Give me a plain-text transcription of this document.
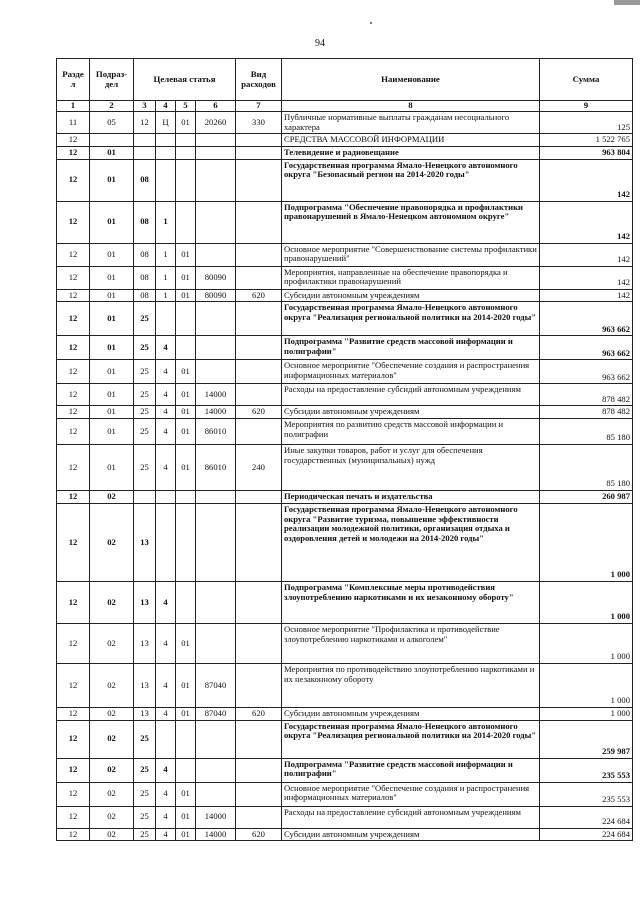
94
Разде л	Подраз- дел	Целевая статья				Вид расходов	Наименование	Сумма
1	2	3	4	5	6	7	8	9
11	05	12	Ц	01	20260	330	Публичные нормативные выплаты гражданам несоциального характера	125
12							СРЕДСТВА МАССОВОЙ ИНФОРМАЦИИ	1 522 765
12	01						Телевидение и радиовещание	963 804
12	01	08					Государственная программа Ямало-Ненецкого автономного округа "Безопасный регион на 2014-2020 годы"	142
12	01	08	1				Подпрограмма "Обеспечение правопорядка и профилактики правонарушений в Ямало-Ненецком автономном округе"	142
12	01	08	1	01			Основное мероприятие "Совершенствование системы профилактики правонарушений"	142
12	01	08	1	01	80090		Мероприятия, направленные на обеспечение правопорядка и профилактики правонарушений	142
12	01	08	1	01	80090	620	Субсидии автономным учреждениям	142
12	01	25					Государственная программа Ямало-Ненецкого автономного округа "Реализация региональной политики на 2014-2020 годы"	963 662
12	01	25	4				Подпрограмма "Развитие средств массовой информации и полиграфии"	963 662
12	01	25	4	01			Основное мероприятие "Обеспечение создания и распространения информационных материалов"	963 662
12	01	25	4	01	14000		Расходы на предоставление субсидий автономным учреждениям	878 482
12	01	25	4	01	14000	620	Субсидии автономным учреждениям	878 482
12	01	25	4	01	86010		Мероприятия по развитию средств массовой информации и полиграфии	85 180
12	01	25	4	01	86010	240	Иные закупки товаров, работ и услуг для обеспечения государственных (муниципальных) нужд	85 180
12	02						Периодическая печать и издательства	260 987
12	02	13					Государственная программа Ямало-Ненецкого автономного округа "Развитие туризма, повышение эффективности реализации молодежной политики, организация отдыха и оздоровления детей и молодежи на 2014-2020 годы"	1 000
12	02	13	4				Подпрограмма "Комплексные меры противодействия злоупотреблению наркотиками и их незаконному обороту"	1 000
12	02	13	4	01			Основное мероприятие "Профилактика и противодействие злоупотреблению наркотиками и алкоголем"	1 000
12	02	13	4	01	87040		Мероприятия по противодействию злоупотреблению наркотиками и их незаконному обороту	1 000
12	02	13	4	01	87040	620	Субсидии автономным учреждениям	1 000
12	02	25					Государственная программа Ямало-Ненецкого автономного округа "Реализация региональной политики на 2014-2020 годы"	259 987
12	02	25	4				Подпрограмма "Развитие средств массовой информации и полиграфии"	235 553
12	02	25	4	01			Основное мероприятие "Обеспечение создания и распространения информационных материалов"	235 553
12	02	25	4	01	14000		Расходы на предоставление субсидий автономным учреждениям	224 684
12	02	25	4	01	14000	620	Субсидии автономным учреждениям	224 684
